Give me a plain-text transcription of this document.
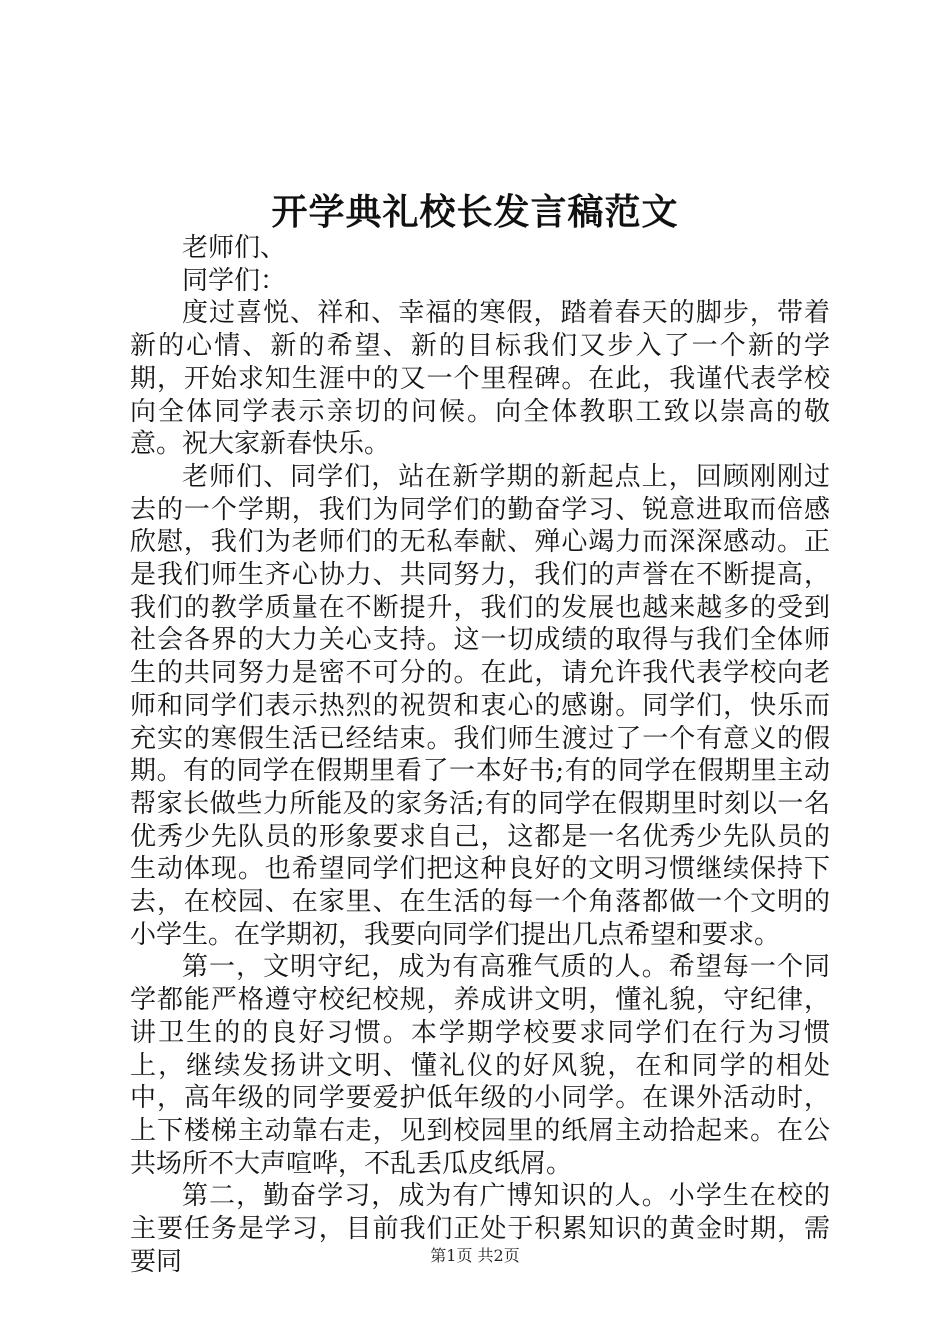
开学典礼校长发言稿范文

老师们、

同学们：

度过喜悦、祥和、幸福的寒假，踏着春天的脚步，带着新的心情、新的希望、新的目标我们又步入了一个新的学期，开始求知生涯中的又一个里程碑。在此，我谨代表学校向全体同学表示亲切的问候。向全体教职工致以崇高的敬意。祝大家新春快乐。

老师们、同学们，站在新学期的新起点上，回顾刚刚过去的一个学期，我们为同学们的勤奋学习、锐意进取而倍感欣慰，我们为老师们的无私奉献、殚心竭力而深深感动。正是我们师生齐心协力、共同努力，我们的声誉在不断提高，我们的教学质量在不断提升，我们的发展也越来越多的受到社会各界的大力关心支持。这一切成绩的取得与我们全体师生的共同努力是密不可分的。在此，请允许我代表学校向老师和同学们表示热烈的祝贺和衷心的感谢。同学们，快乐而充实的寒假生活已经结束。我们师生渡过了一个有意义的假期。有的同学在假期里看了一本好书;有的同学在假期里主动帮家长做些力所能及的家务活;有的同学在假期里时刻以一名优秀少先队员的形象要求自己，这都是一名优秀少先队员的生动体现。也希望同学们把这种良好的文明习惯继续保持下去，在校园、在家里、在生活的每一个角落都做一个文明的小学生。在学期初，我要向同学们提出几点希望和要求。

第一，文明守纪，成为有高雅气质的人。希望每一个同学都能严格遵守校纪校规，养成讲文明，懂礼貌，守纪律，讲卫生的的良好习惯。本学期学校要求同学们在行为习惯上，继续发扬讲文明、懂礼仪的好风貌，在和同学的相处中，高年级的同学要爱护低年级的小同学。在课外活动时，上下楼梯主动靠右走，见到校园里的纸屑主动拾起来。在公共场所不大声喧哗，不乱丢瓜皮纸屑。

第二，勤奋学习，成为有广博知识的人。小学生在校的主要任务是学习，目前我们正处于积累知识的黄金时期，需要同	第1页 共2页
